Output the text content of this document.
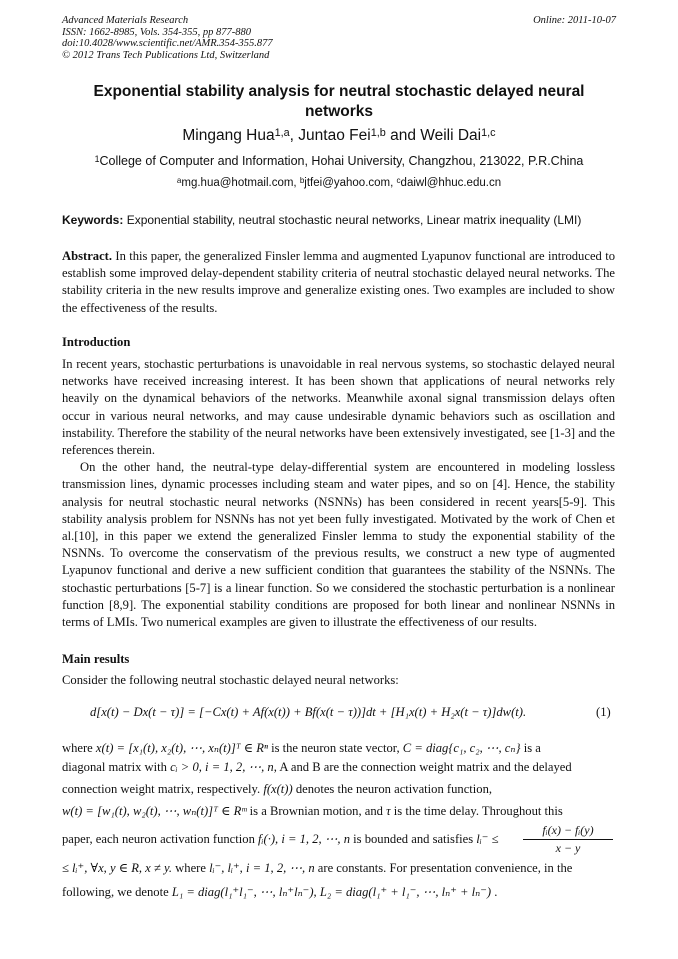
Advanced Materials Research
ISSN: 1662-8985, Vols. 354-355, pp 877-880
doi:10.4028/www.scientific.net/AMR.354-355.877
© 2012 Trans Tech Publications Ltd, Switzerland
Online: 2011-10-07
Exponential stability analysis for neutral stochastic delayed neural networks
Mingang Hua$^{1,a}$, Juntao Fei$^{1,b}$ and Weili Dai$^{1,c}$
$^1$College of Computer and Information, Hohai University, Changzhou, 213022, P.R.China
$^a$mg.hua@hotmail.com, $^b$jtfei@yahoo.com, $^c$daiwl@hhuc.edu.cn
Keywords: Exponential stability, neutral stochastic neural networks, Linear matrix inequality (LMI)
Abstract. In this paper, the generalized Finsler lemma and augmented Lyapunov functional are introduced to establish some improved delay-dependent stability criteria of neutral stochastic delayed neural networks. The stability criteria in the new results improve and generalize existing ones. Two examples are included to show the effectiveness of the results.
Introduction

In recent years, stochastic perturbations is unavoidable in real nervous systems, so stochastic delayed neural networks have received increasing interest. It has been shown that applications of neural networks rely heavily on the dynamical behaviors of the networks. Meanwhile axonal signal transmission delays often occur in various neural networks, and may cause undesirable dynamic behaviors such as oscillation and instability. Therefore the stability of the neural networks have been extensively investigated, see [1-3] and the references therein.

On the other hand, the neutral-type delay-differential system are encountered in modeling lossless transmission lines, dynamic processes including steam and water pipes, and so on [4]. Hence, the stability analysis for neutral stochastic neural networks (NSNNs) has been considered in recent years[5-9]. This stability analysis problem for NSNNs has not yet been fully investigated. Motivated by the work of Chen et al.[10], in this paper we extend the generalized Finsler lemma to study the exponential stability of the NSNNs. To overcome the conservatism of the previous results, we construct a new type of augmented Lyapunov functional and derive a new sufficient condition that guarantees the stability of the NSNNs. The stochastic perturbations [5-7] is a linear function. So we considered the stochastic perturbation is a nonlinear function [8,9]. The exponential stability conditions are proposed for both linear and nonlinear NSNNs in terms of LMIs. Two numerical examples are given to illustrate the effectiveness of our results.

Main results
Consider the following neutral stochastic delayed neural networks:
d[x(t) − Dx(t − τ)] = [−Cx(t) + Af(x(t)) + Bf(x(t − τ))]dt + [H₁x(t) + H₂x(t − τ)]dw(t).	(1)
where x(t) = [x₁(t), x₂(t), ⋯, xₙ(t)]ᵀ ∈ Rⁿ is the neuron state vector, C = diag{c₁, c₂, ⋯, cₙ} is a
diagonal matrix with cᵢ > 0, i = 1, 2, ⋯, n, A and B are the connection weight matrix and the delayed
connection weight matrix, respectively. f(x(t)) denotes the neuron activation function,
w(t) = [w₁(t), w₂(t), ⋯, wₙ(t)]ᵀ ∈ Rᵐ is a Brownian motion, and τ is the time delay. Throughout this
paper, each neuron activation function fᵢ(·), i = 1, 2, ⋯, n is bounded and satisfies lᵢ⁻ ≤	$\frac{\text{fᵢ(x) − fᵢ(y)}}{x - y}$
≤ lᵢ⁺, ∀x, y ∈ R, x ≠ y. where lᵢ⁻, lᵢ⁺, i = 1, 2, ⋯, n are constants. For presentation convenience, in the
following, we denote L₁ = diag(l₁⁺l₁⁻, ⋯, lₙ⁺lₙ⁻), L₂ = diag(l₁⁺ + l₁⁻, ⋯, lₙ⁺ + lₙ⁻) .
